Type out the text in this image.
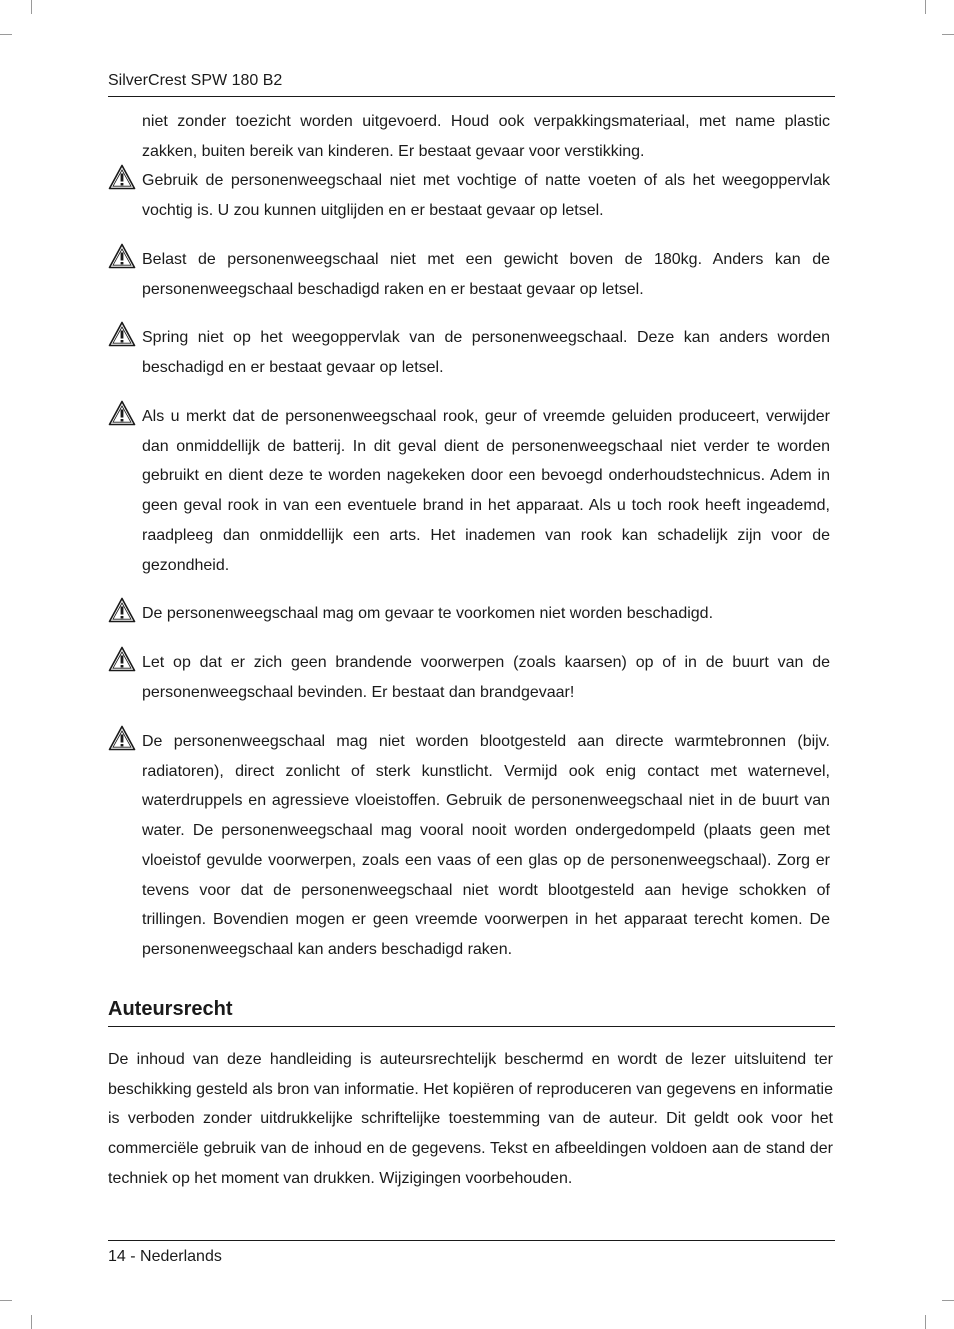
SilverCrest SPW 180 B2

niet zonder toezicht worden uitgevoerd. Houd ook verpakkingsmateriaal, met name plastic zakken, buiten bereik van kinderen. Er bestaat gevaar voor verstikking.

Gebruik de personenweegschaal niet met vochtige of natte voeten of als het weegoppervlak vochtig is. U zou kunnen uitglijden en er bestaat gevaar op letsel.

Belast de personenweegschaal niet met een gewicht boven de 180kg. Anders kan de personenweegschaal beschadigd raken en er bestaat gevaar op letsel.

Spring niet op het weegoppervlak van de personenweegschaal. Deze kan anders worden beschadigd en er bestaat gevaar op letsel.

Als u merkt dat de personenweegschaal rook, geur of vreemde geluiden produceert, verwijder dan onmiddellijk de batterij. In dit geval dient de personenweegschaal niet verder te worden gebruikt en dient deze te worden nagekeken door een bevoegd onderhoudstechnicus. Adem in geen geval rook in van een eventuele brand in het apparaat. Als u toch rook heeft ingeademd, raadpleeg dan onmiddellijk een arts. Het inademen van rook kan schadelijk zijn voor de gezondheid.

De personenweegschaal mag om gevaar te voorkomen niet worden beschadigd.

Let op dat er zich geen brandende voorwerpen (zoals kaarsen) op of in de buurt van de personenweegschaal bevinden. Er bestaat dan brandgevaar!

De personenweegschaal mag niet worden blootgesteld aan directe warmtebronnen (bijv. radiatoren), direct zonlicht of sterk kunstlicht. Vermijd ook enig contact met waternevel, waterdruppels en agressieve vloeistoffen. Gebruik de personenweegschaal niet in de buurt van water. De personenweegschaal mag vooral nooit worden ondergedompeld (plaats geen met vloeistof gevulde voorwerpen, zoals een vaas of een glas op de personenweegschaal). Zorg er tevens voor dat de personenweegschaal niet wordt blootgesteld aan hevige schokken of trillingen. Bovendien mogen er geen vreemde voorwerpen in het apparaat terecht komen. De personenweegschaal kan anders beschadigd raken.

Auteursrecht

De inhoud van deze handleiding is auteursrechtelijk beschermd en wordt de lezer uitsluitend ter beschikking gesteld als bron van informatie. Het kopiëren of reproduceren van gegevens en informatie is verboden zonder uitdrukkelijke schriftelijke toestemming van de auteur. Dit geldt ook voor het commerciële gebruik van de inhoud en de gegevens. Tekst en afbeeldingen voldoen aan de stand der techniek op het moment van drukken. Wijzigingen voorbehouden.

14 - Nederlands
